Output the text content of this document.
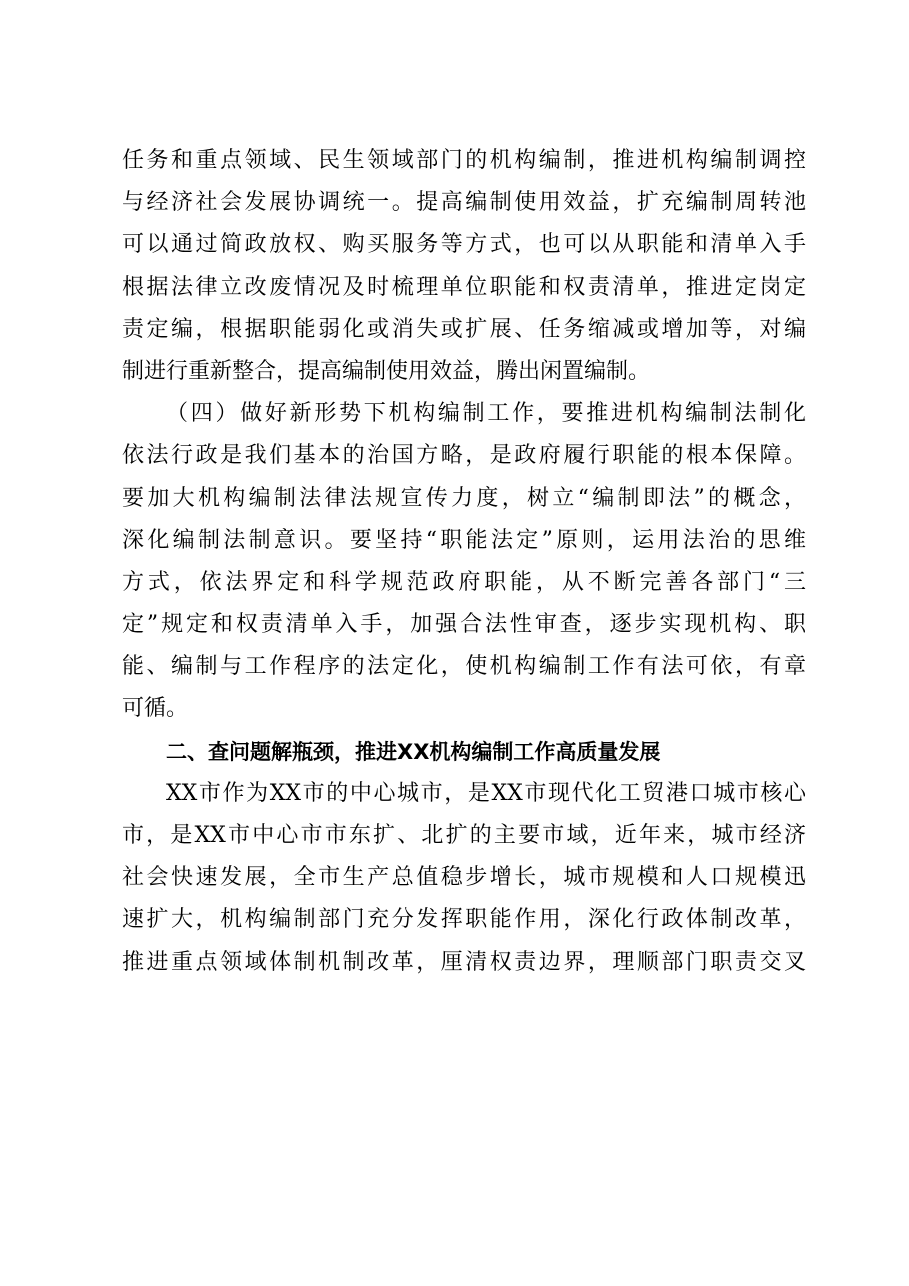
任务和重点领域、民生领域部门的机构编制，推进机构编制调控
与经济社会发展协调统一。提高编制使用效益，扩充编制周转池
可以通过简政放权、购买服务等方式，也可以从职能和清单入手
根据法律立改废情况及时梳理单位职能和权责清单，推进定岗定
责定编，根据职能弱化或消失或扩展、任务缩减或增加等，对编
制进行重新整合，提高编制使用效益，腾出闲置编制。
（四）做好新形势下机构编制工作，要推进机构编制法制化
依法行政是我们基本的治国方略，是政府履行职能的根本保障。
要加大机构编制法律法规宣传力度，树立“编制即法”的概念，
深化编制法制意识。要坚持“职能法定”原则，运用法治的思维
方式，依法界定和科学规范政府职能，从不断完善各部门“三
定”规定和权责清单入手，加强合法性审查，逐步实现机构、职
能、编制与工作程序的法定化，使机构编制工作有法可依，有章
可循。
二、查问题解瓶颈，推进XX机构编制工作高质量发展
XX市作为XX市的中心城市，是XX市现代化工贸港口城市核心
市，是XX市中心市市东扩、北扩的主要市域，近年来，城市经济
社会快速发展，全市生产总值稳步增长，城市规模和人口规模迅
速扩大，机构编制部门充分发挥职能作用，深化行政体制改革，
推进重点领域体制机制改革，厘清权责边界，理顺部门职责交叉
